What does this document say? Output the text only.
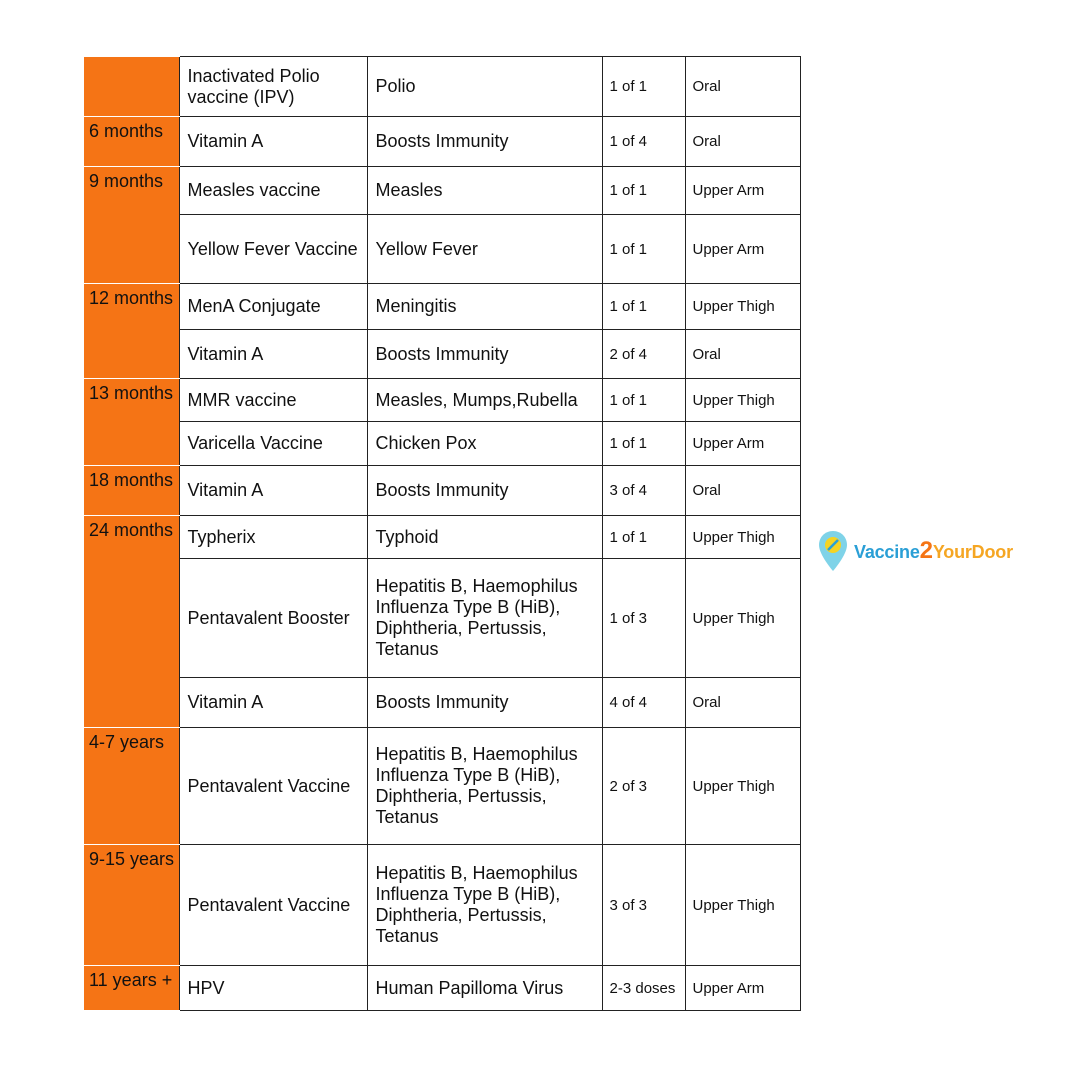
	Inactivated Polio vaccine (IPV)	Polio	1 of 1	Oral
6 months	Vitamin A	Boosts Immunity	1 of 4	Oral
9 months	Measles vaccine	Measles	1 of 1	Upper Arm
	Yellow Fever Vaccine	Yellow Fever	1 of 1	Upper Arm
12 months	MenA Conjugate	Meningitis	1 of 1	Upper Thigh
	Vitamin A	Boosts Immunity	2 of 4	Oral
13 months	MMR vaccine	Measles, Mumps,Rubella	1 of 1	Upper Thigh
	Varicella Vaccine	Chicken Pox	1 of 1	Upper Arm
18 months	Vitamin A	Boosts Immunity	3 of 4	Oral
24 months	Typherix	Typhoid	1 of 1	Upper Thigh
	Pentavalent Booster	Hepatitis B, Haemophilus Influenza Type B (HiB), Diphtheria, Pertussis, Tetanus	1 of 3	Upper Thigh
	Vitamin A	Boosts Immunity	4 of 4	Oral
4-7 years	Pentavalent Vaccine	Hepatitis B, Haemophilus Influenza Type B (HiB), Diphtheria, Pertussis, Tetanus	2 of 3	Upper Thigh
9-15 years	Pentavalent Vaccine	Hepatitis B, Haemophilus Influenza Type B (HiB), Diphtheria, Pertussis, Tetanus	3 of 3	Upper Thigh
11 years +	HPV	Human Papilloma Virus	2-3 doses	Upper Arm
Vaccine2YourDoor
